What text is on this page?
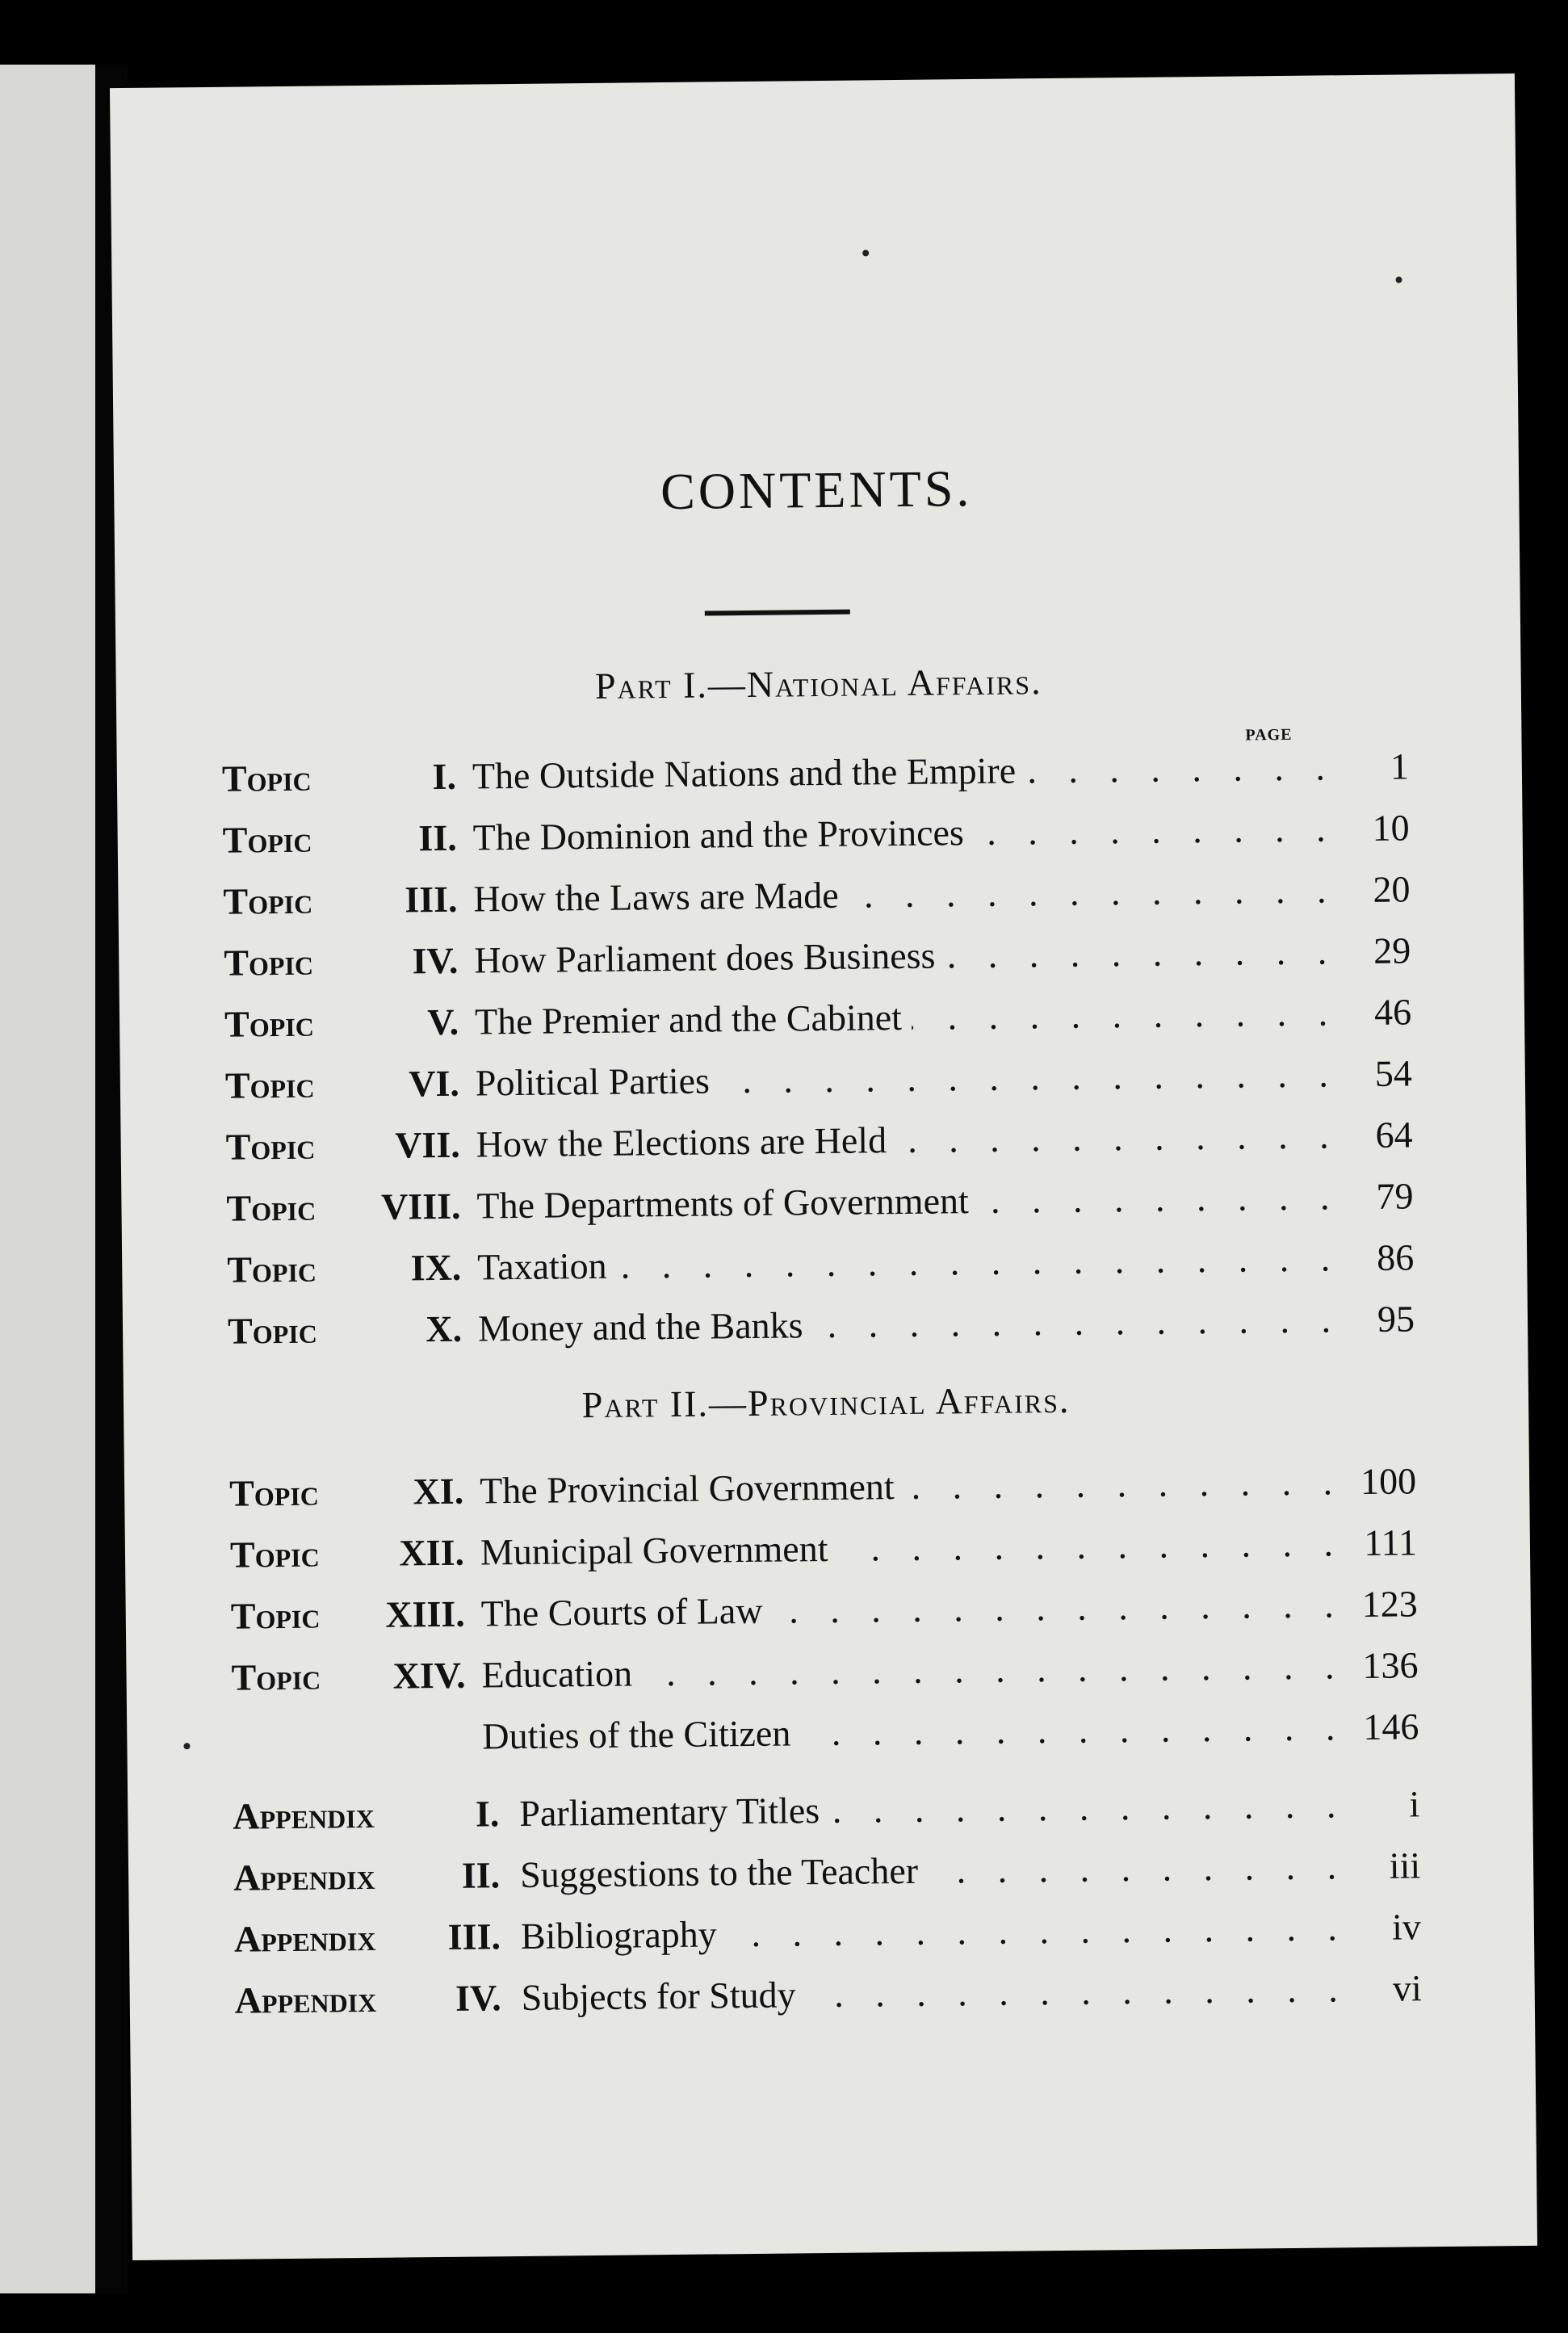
CONTENTS.
Part I.—National Affairs.
PAGE
Topic	I. The Outside Nations and the Empire . . .	1
Topic	II. The Dominion and the Provinces . . .	10
Topic III. How the Laws are Made . . .	20
Topic	IV. How Parliament does Business . . .	29
Topic	V. The Premier and the Cabinet . . .	46
Topic	VI. Political Parties . . .	54
Topic VII. How the Elections are Held . . .	64
Topic VIII. The Departments of Government . . .	79
Topic	IX. Taxation . . .	86
Topic	X. Money and the Banks . . .	95
Part II.—Provincial Affairs.
Topic	XI. The Provincial Government . . .	100
Topic XII. Municipal Government . . .	111
Topic XIII. The Courts of Law . . .	123
Topic XIV. Education . . .	136
Duties of the Citizen . . .	146
Appendix	I. Parliamentary Titles . . .	i
Appendix II. Suggestions to the Teacher . . .	iii
Appendix III. Bibliography . . .	iv
Appendix IV. Subjects for Study . . .	vi
